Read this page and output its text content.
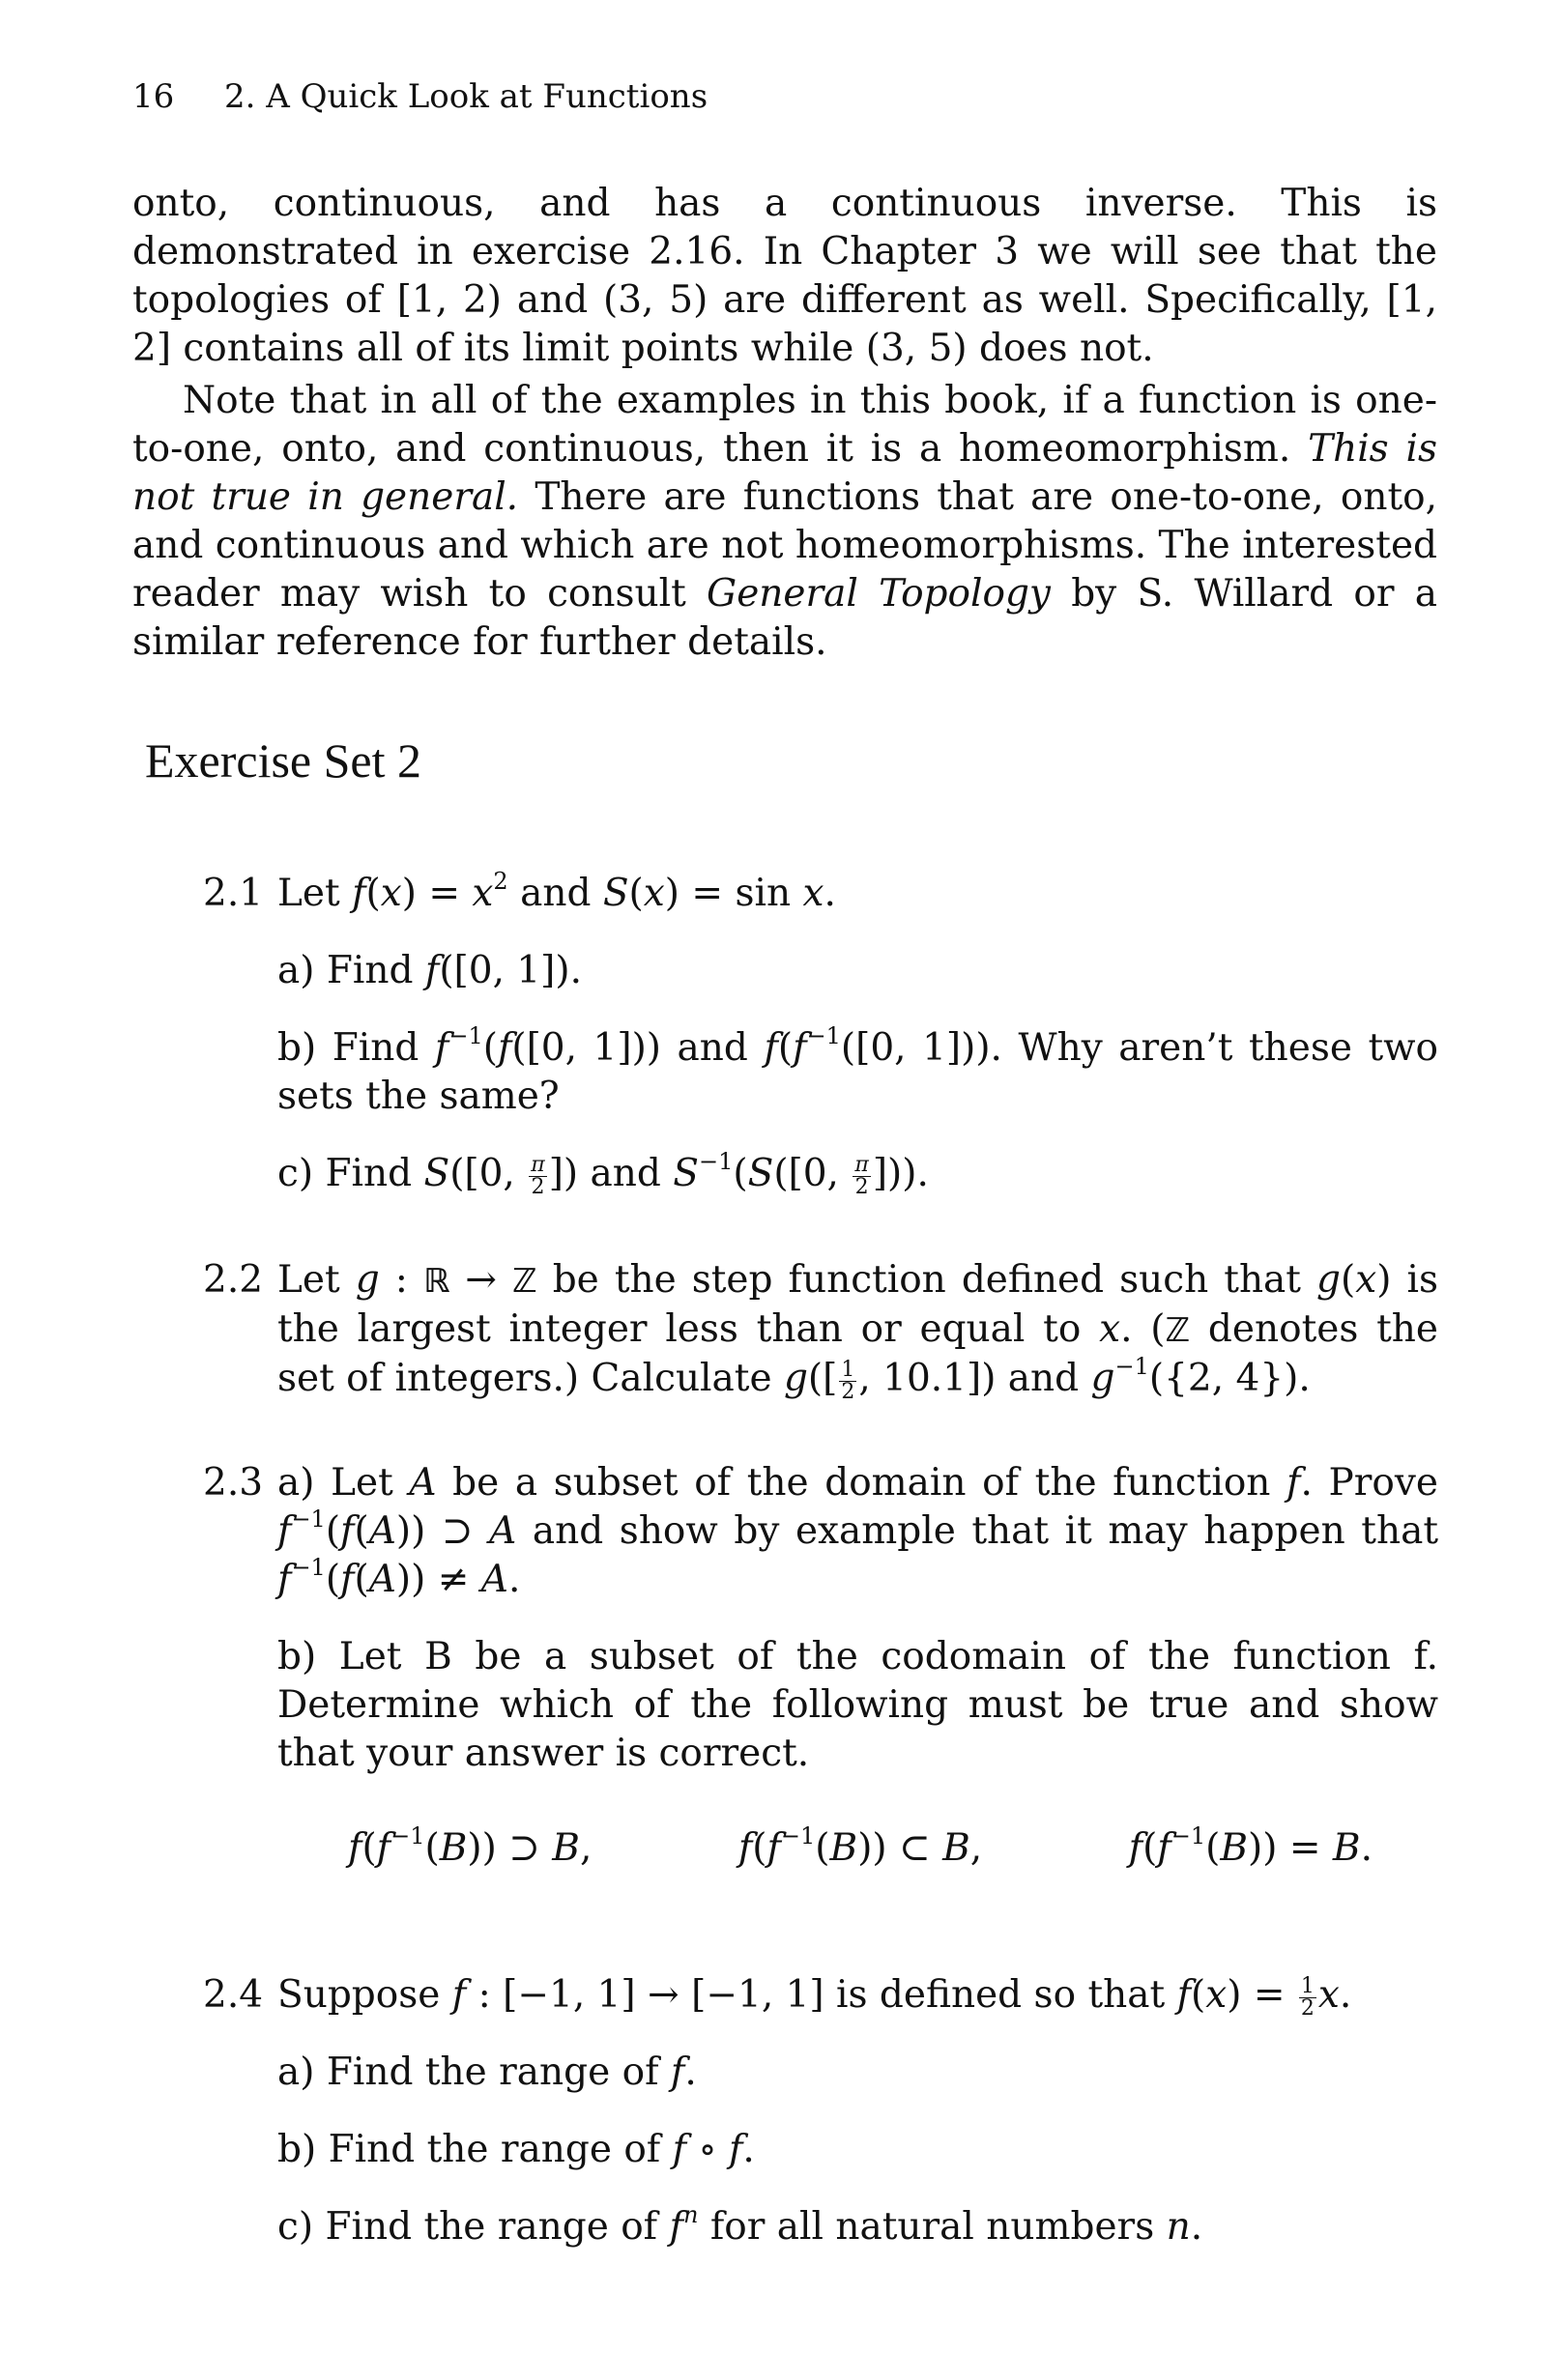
16 2. A Quick Look at Functions

onto, continuous, and has a continuous inverse. This is demonstrated in exercise 2.16. In Chapter 3 we will see that the topologies of [1, 2) and (3, 5) are different as well. Specifically, [1, 2] contains all of its limit points while (3, 5) does not.

Note that in all of the examples in this book, if a function is one-to-one, onto, and continuous, then it is a homeomorphism. This is not true in general. There are functions that are one-to-one, onto, and continuous and which are not homeomorphisms. The interested reader may wish to consult General Topology by S. Willard or a similar reference for further details.

Exercise Set 2
2.1 Let $f(x) = x^2$ and S(x) = sin x.
a) Find f([0, 1]).
b) Find $f^{-1}(f([0$, 1])) and $f(f^{-1}([0$, 1])). Why aren’t these two sets the same?
c) Find S([0, $\frac{\pi}{2}$ ]) and $S^{-1}(S([0$, $\frac{\pi}{2}$ ])).
2.2 Let g : ℝ → ℤ be the step function defined such that g(x) is the largest integer less than or equal to x. (ℤ denotes the set of integers.) Calculate $g([ \frac{1}{2}$ , 10.1]) and $g^{-1}(\{2$, 4}).
2.3 a) Let A be a subset of the domain of the function f. Prove $f^{-1}(f(A))$ ⊃ A and show by example that it may happen that $f^{-1}(f(A)) \ne A$.
b) Let B be a subset of the codomain of the function f. Determine which of the following must be true and show that your answer is correct.
$f(f^{-1}(B))$ ⊃ B,	$f(f^{-1}(B))$ ⊂ B,	$f(f^{-1}(B)) = B$.
2.4 Suppose f : [−1, 1] → [−1, 1] is defined so that $f(x) = \frac{1}{2} x$.
a) Find the range of f.
b) Find the range of f ∘ f.
c) Find the range of $f^n$ for all natural numbers n.
